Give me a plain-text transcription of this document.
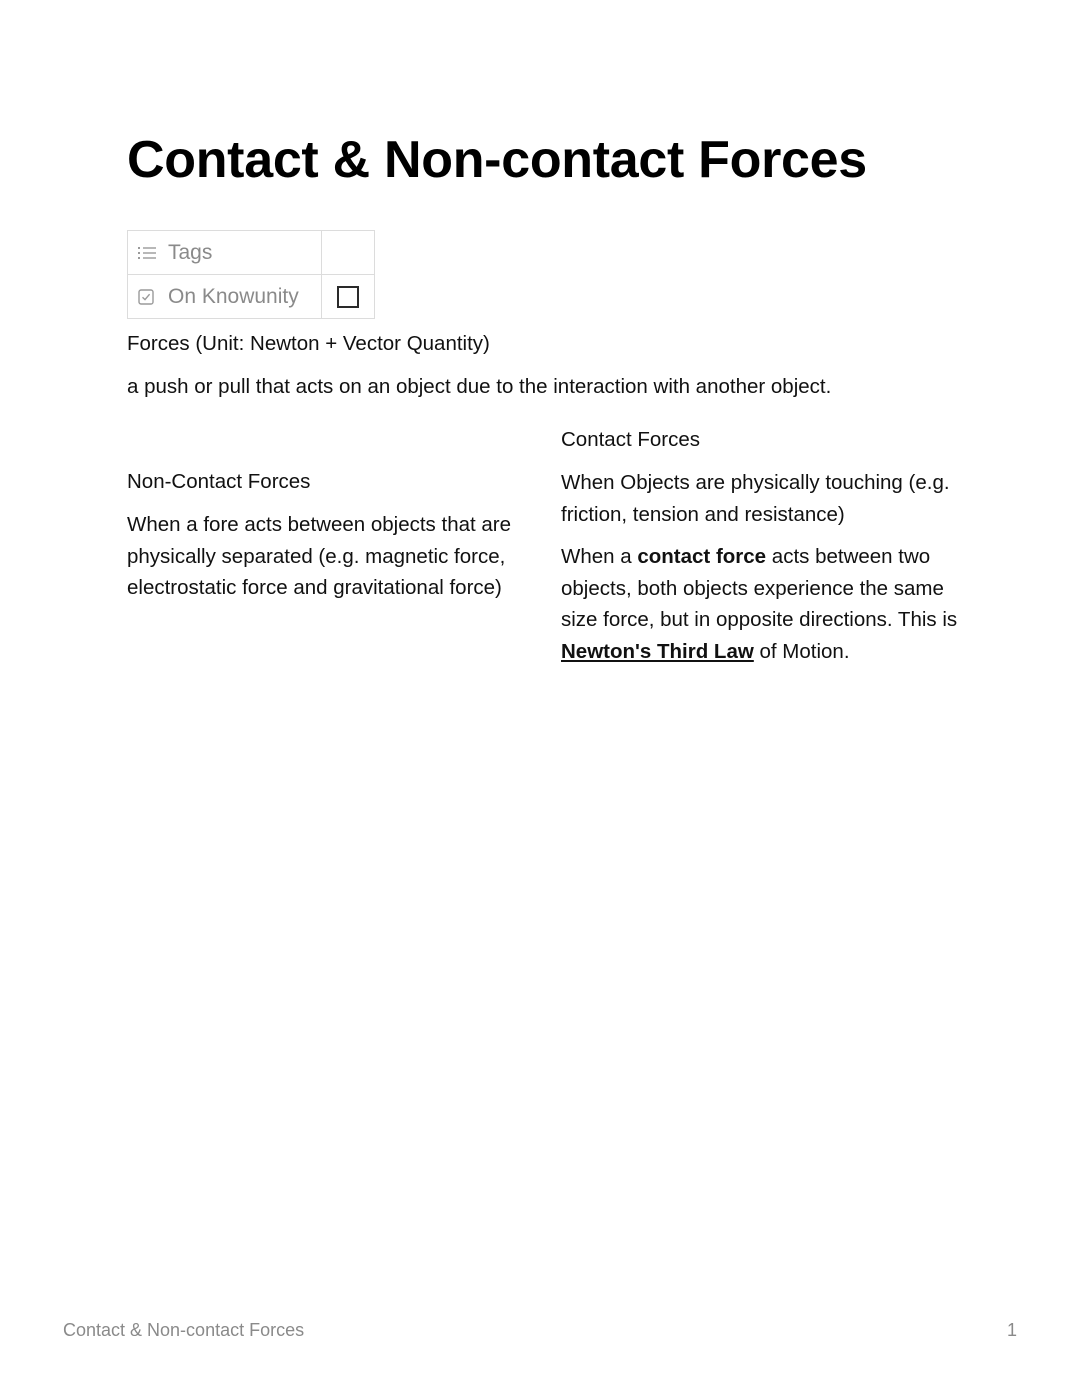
Contact & Non-contact Forces
Tags	

On Knowunity	

Forces (Unit: Newton + Vector Quantity)

a push or pull that acts on an object due to the interaction with another object.

Non-Contact Forces

When a fore acts between objects that are physically separated (e.g. magnetic force, electrostatic force and gravitational force)

Contact Forces

When Objects are physically touching (e.g. friction, tension and resistance)

When a contact force acts between two objects, both objects experience the same size force, but in opposite directions. This is Newton's Third Law of Motion.

Contact & Non-contact Forces	1
